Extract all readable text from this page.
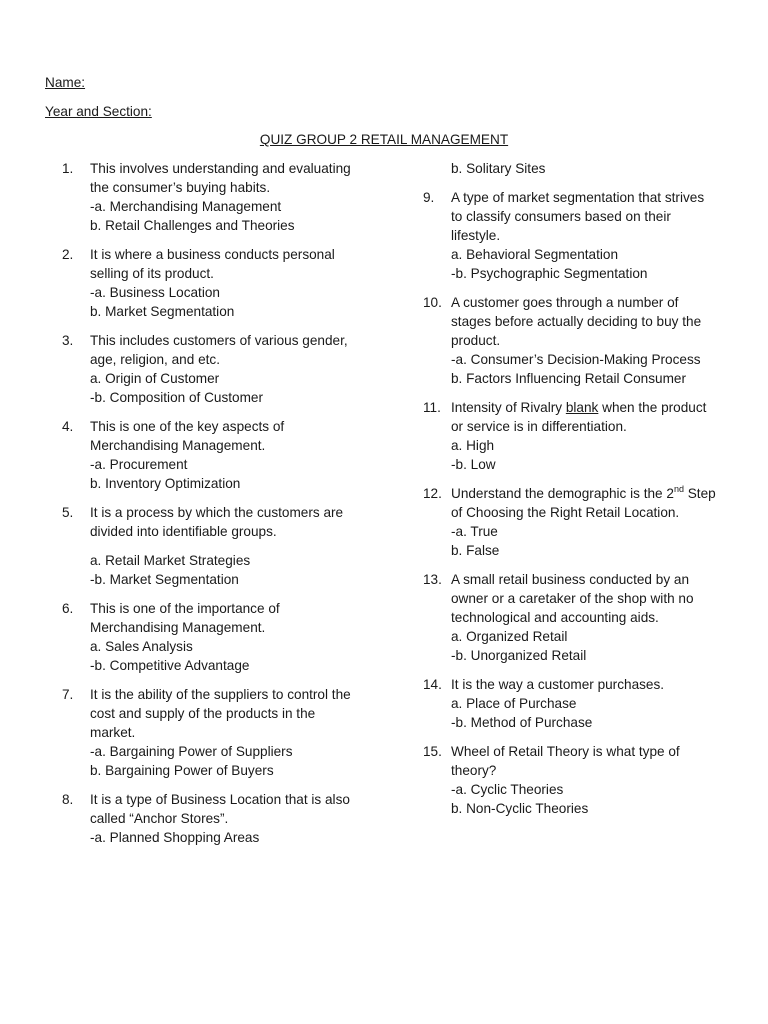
Name:
Year and Section:
QUIZ GROUP 2 RETAIL MANAGEMENT
1. This involves understanding and evaluating
the consumer’s buying habits.
-a. Merchandising Management
b. Retail Challenges and Theories
2. It is where a business conducts personal
selling of its product.
-a. Business Location
b. Market Segmentation
3. This includes customers of various gender,
age, religion, and etc.
a. Origin of Customer
-b. Composition of Customer
4. This is one of the key aspects of
Merchandising Management.
-a. Procurement
b. Inventory Optimization
5. It is a process by which the customers are
divided into identifiable groups.
a. Retail Market Strategies
-b. Market Segmentation
6. This is one of the importance of
Merchandising Management.
a. Sales Analysis
-b. Competitive Advantage
7. It is the ability of the suppliers to control the
cost and supply of the products in the
market.
-a. Bargaining Power of Suppliers
b. Bargaining Power of Buyers
8. It is a type of Business Location that is also
called “Anchor Stores”.
-a. Planned Shopping Areas
b. Solitary Sites
9. A type of market segmentation that strives
to classify consumers based on their
lifestyle.
a. Behavioral Segmentation
-b. Psychographic Segmentation
10. A customer goes through a number of
stages before actually deciding to buy the
product.
-a. Consumer’s Decision-Making Process
b. Factors Influencing Retail Consumer
11. Intensity of Rivalry blank when the product
or service is in differentiation.
a. High
-b. Low
12. Understand the demographic is the 2nd Step
of Choosing the Right Retail Location.
-a. True
b. False
13. A small retail business conducted by an
owner or a caretaker of the shop with no
technological and accounting aids.
a. Organized Retail
-b. Unorganized Retail
14. It is the way a customer purchases.
a. Place of Purchase
-b. Method of Purchase
15. Wheel of Retail Theory is what type of
theory?
-a. Cyclic Theories
b. Non-Cyclic Theories
